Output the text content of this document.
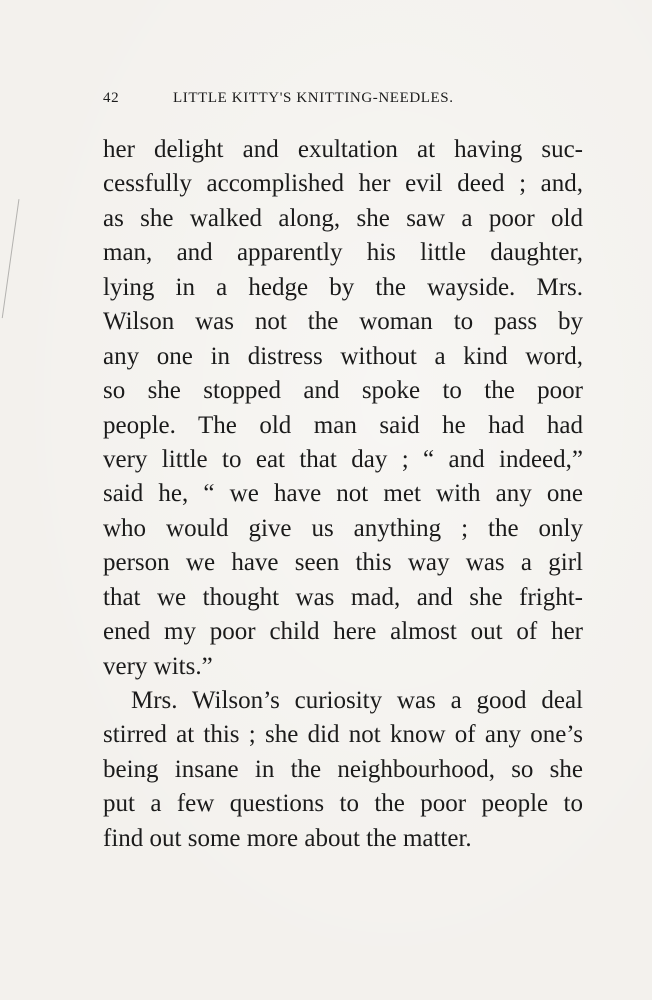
42	LITTLE KITTY'S KNITTING-NEEDLES.
her delight and exultation at having suc-
cessfully accomplished her evil deed ; and,
as she walked along, she saw a poor old
man, and apparently his little daughter,
lying in a hedge by the wayside. Mrs.
Wilson was not the woman to pass by
any one in distress without a kind word,
so she stopped and spoke to the poor
people. The old man said he had had
very little to eat that day ; “ and indeed,”
said he, “ we have not met with any one
who would give us anything ; the only
person we have seen this way was a girl
that we thought was mad, and she fright-
ened my poor child here almost out of her
very wits.”
Mrs. Wilson’s curiosity was a good deal
stirred at this ; she did not know of any one’s
being insane in the neighbourhood, so she
put a few questions to the poor people to
find out some more about the matter.
